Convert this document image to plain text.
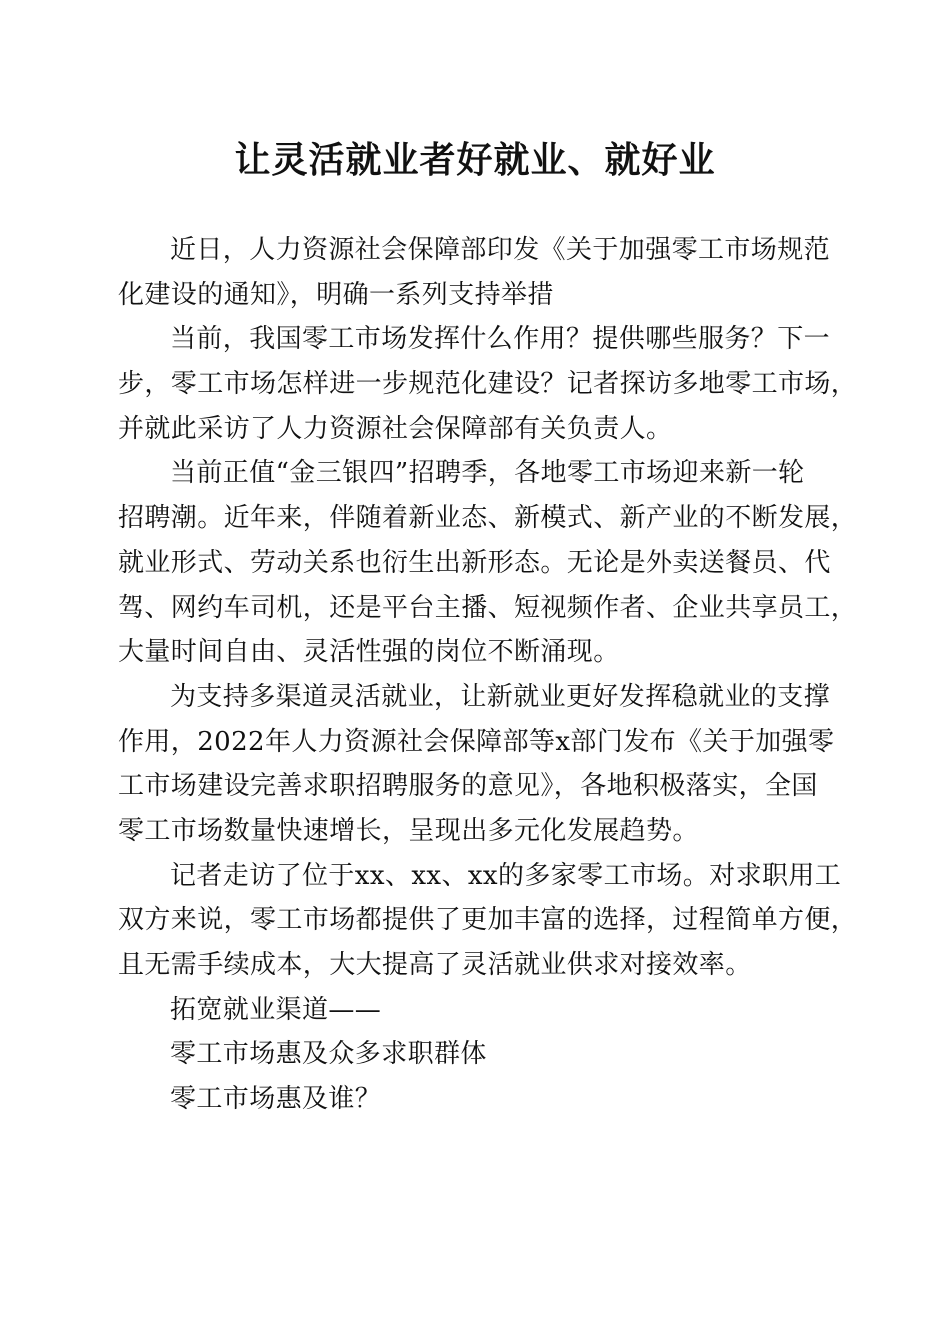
让灵活就业者好就业、就好业
近日，人力资源社会保障部印发《关于加强零工市场规范
化建设的通知》，明确一系列支持举措
当前，我国零工市场发挥什么作用？提供哪些服务？下一
步，零工市场怎样进一步规范化建设？记者探访多地零工市场，
并就此采访了人力资源社会保障部有关负责人。
当前正值“金三银四”招聘季，各地零工市场迎来新一轮
招聘潮。近年来，伴随着新业态、新模式、新产业的不断发展，
就业形式、劳动关系也衍生出新形态。无论是外卖送餐员、代
驾、网约车司机，还是平台主播、短视频作者、企业共享员工，
大量时间自由、灵活性强的岗位不断涌现。
为支持多渠道灵活就业，让新就业更好发挥稳就业的支撑
作用，2022年人力资源社会保障部等x部门发布《关于加强零
工市场建设完善求职招聘服务的意见》，各地积极落实，全国
零工市场数量快速增长，呈现出多元化发展趋势。
记者走访了位于xx、xx、xx的多家零工市场。对求职用工
双方来说，零工市场都提供了更加丰富的选择，过程简单方便，
且无需手续成本，大大提高了灵活就业供求对接效率。
拓宽就业渠道——
零工市场惠及众多求职群体
零工市场惠及谁？
